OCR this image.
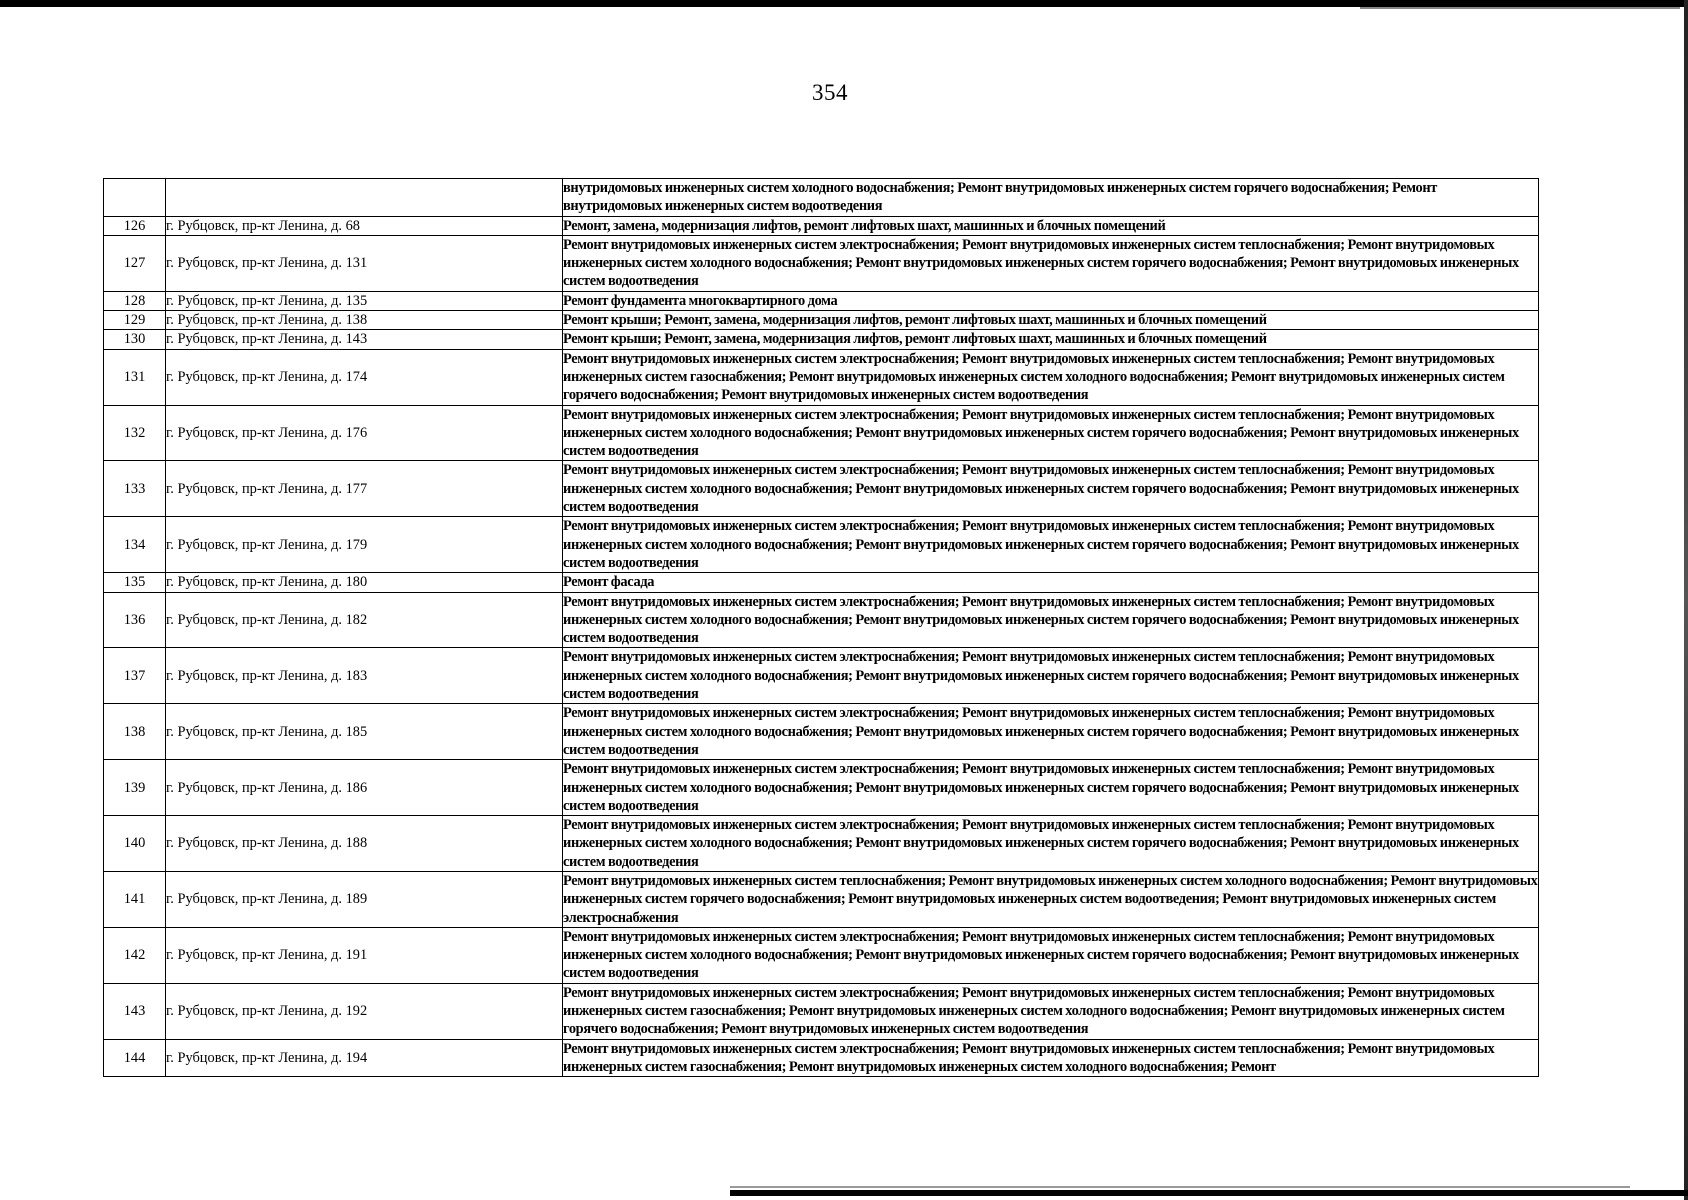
354
		внутридомовых инженерных систем холодного водоснабжения; Ремонт внутридомовых инженерных систем горячего водоснабжения; Ремонт внутридомовых инженерных систем водоотведения
126	г. Рубцовск, пр-кт Ленина, д. 68	Ремонт, замена, модернизация лифтов, ремонт лифтовых шахт, машинных и блочных помещений
127	г. Рубцовск, пр-кт Ленина, д. 131	Ремонт внутридомовых инженерных систем электроснабжения; Ремонт внутридомовых инженерных систем теплоснабжения; Ремонт внутридомовых инженерных систем холодного водоснабжения; Ремонт внутридомовых инженерных систем горячего водоснабжения; Ремонт внутридомовых инженерных систем водоотведения
128	г. Рубцовск, пр-кт Ленина, д. 135	Ремонт фундамента многоквартирного дома
129	г. Рубцовск, пр-кт Ленина, д. 138	Ремонт крыши; Ремонт, замена, модернизация лифтов, ремонт лифтовых шахт, машинных и блочных помещений
130	г. Рубцовск, пр-кт Ленина, д. 143	Ремонт крыши; Ремонт, замена, модернизация лифтов, ремонт лифтовых шахт, машинных и блочных помещений
131	г. Рубцовск, пр-кт Ленина, д. 174	Ремонт внутридомовых инженерных систем электроснабжения; Ремонт внутридомовых инженерных систем теплоснабжения; Ремонт внутридомовых инженерных систем газоснабжения; Ремонт внутридомовых инженерных систем холодного водоснабжения; Ремонт внутридомовых инженерных систем горячего водоснабжения; Ремонт внутридомовых инженерных систем водоотведения
132	г. Рубцовск, пр-кт Ленина, д. 176	Ремонт внутридомовых инженерных систем электроснабжения; Ремонт внутридомовых инженерных систем теплоснабжения; Ремонт внутридомовых инженерных систем холодного водоснабжения; Ремонт внутридомовых инженерных систем горячего водоснабжения; Ремонт внутридомовых инженерных систем водоотведения
133	г. Рубцовск, пр-кт Ленина, д. 177	Ремонт внутридомовых инженерных систем электроснабжения; Ремонт внутридомовых инженерных систем теплоснабжения; Ремонт внутридомовых инженерных систем холодного водоснабжения; Ремонт внутридомовых инженерных систем горячего водоснабжения; Ремонт внутридомовых инженерных систем водоотведения
134	г. Рубцовск, пр-кт Ленина, д. 179	Ремонт внутридомовых инженерных систем электроснабжения; Ремонт внутридомовых инженерных систем теплоснабжения; Ремонт внутридомовых инженерных систем холодного водоснабжения; Ремонт внутридомовых инженерных систем горячего водоснабжения; Ремонт внутридомовых инженерных систем водоотведения
135	г. Рубцовск, пр-кт Ленина, д. 180	Ремонт фасада
136	г. Рубцовск, пр-кт Ленина, д. 182	Ремонт внутридомовых инженерных систем электроснабжения; Ремонт внутридомовых инженерных систем теплоснабжения; Ремонт внутридомовых инженерных систем холодного водоснабжения; Ремонт внутридомовых инженерных систем горячего водоснабжения; Ремонт внутридомовых инженерных систем водоотведения
137	г. Рубцовск, пр-кт Ленина, д. 183	Ремонт внутридомовых инженерных систем электроснабжения; Ремонт внутридомовых инженерных систем теплоснабжения; Ремонт внутридомовых инженерных систем холодного водоснабжения; Ремонт внутридомовых инженерных систем горячего водоснабжения; Ремонт внутридомовых инженерных систем водоотведения
138	г. Рубцовск, пр-кт Ленина, д. 185	Ремонт внутридомовых инженерных систем электроснабжения; Ремонт внутридомовых инженерных систем теплоснабжения; Ремонт внутридомовых инженерных систем холодного водоснабжения; Ремонт внутридомовых инженерных систем горячего водоснабжения; Ремонт внутридомовых инженерных систем водоотведения
139	г. Рубцовск, пр-кт Ленина, д. 186	Ремонт внутридомовых инженерных систем электроснабжения; Ремонт внутридомовых инженерных систем теплоснабжения; Ремонт внутридомовых инженерных систем холодного водоснабжения; Ремонт внутридомовых инженерных систем горячего водоснабжения; Ремонт внутридомовых инженерных систем водоотведения
140	г. Рубцовск, пр-кт Ленина, д. 188	Ремонт внутридомовых инженерных систем электроснабжения; Ремонт внутридомовых инженерных систем теплоснабжения; Ремонт внутридомовых инженерных систем холодного водоснабжения; Ремонт внутридомовых инженерных систем горячего водоснабжения; Ремонт внутридомовых инженерных систем водоотведения
141	г. Рубцовск, пр-кт Ленина, д. 189	Ремонт внутридомовых инженерных систем теплоснабжения; Ремонт внутридомовых инженерных систем холодного водоснабжения; Ремонт внутридомовых инженерных систем горячего водоснабжения; Ремонт внутридомовых инженерных систем водоотведения; Ремонт внутридомовых инженерных систем электроснабжения
142	г. Рубцовск, пр-кт Ленина, д. 191	Ремонт внутридомовых инженерных систем электроснабжения; Ремонт внутридомовых инженерных систем теплоснабжения; Ремонт внутридомовых инженерных систем холодного водоснабжения; Ремонт внутридомовых инженерных систем горячего водоснабжения; Ремонт внутридомовых инженерных систем водоотведения
143	г. Рубцовск, пр-кт Ленина, д. 192	Ремонт внутридомовых инженерных систем электроснабжения; Ремонт внутридомовых инженерных систем теплоснабжения; Ремонт внутридомовых инженерных систем газоснабжения; Ремонт внутридомовых инженерных систем холодного водоснабжения; Ремонт внутридомовых инженерных систем горячего водоснабжения; Ремонт внутридомовых инженерных систем водоотведения
144	г. Рубцовск, пр-кт Ленина, д. 194	Ремонт внутридомовых инженерных систем электроснабжения; Ремонт внутридомовых инженерных систем теплоснабжения; Ремонт внутридомовых инженерных систем газоснабжения; Ремонт внутридомовых инженерных систем холодного водоснабжения; Ремонт
